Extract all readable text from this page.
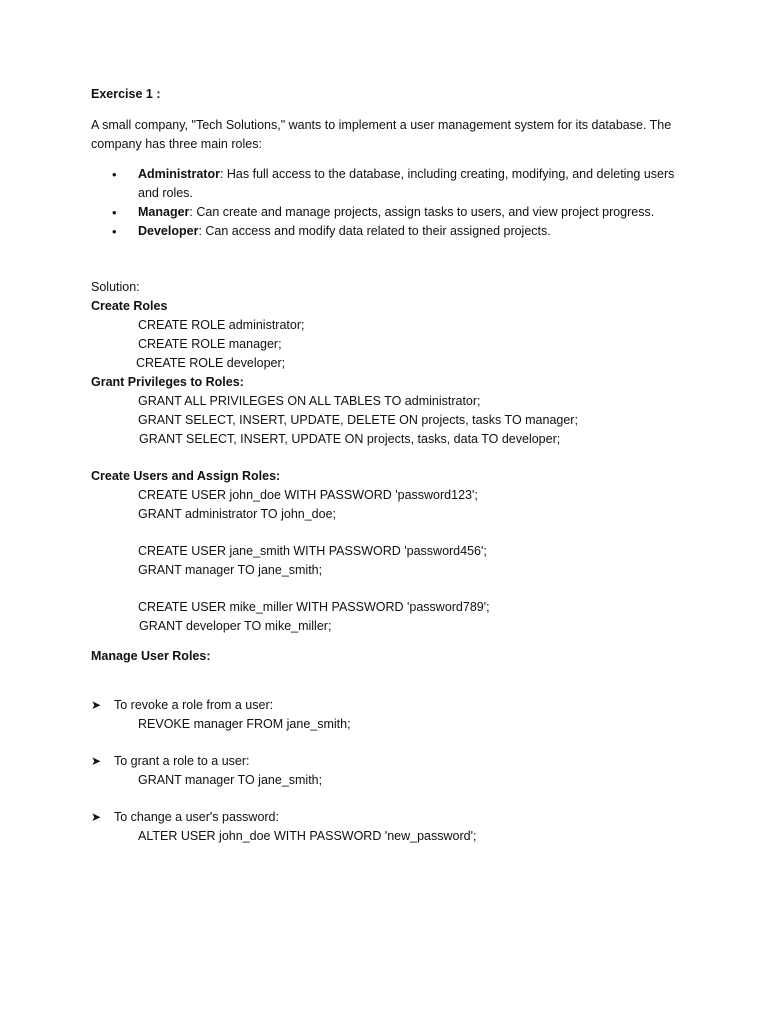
Exercise 1 :
A small company, "Tech Solutions," wants to implement a user management system for its database. The company has three main roles:
• Administrator: Has full access to the database, including creating, modifying, and deleting users and roles.
• Manager: Can create and manage projects, assign tasks to users, and view project progress.
• Developer: Can access and modify data related to their assigned projects.
Solution:
Create Roles
CREATE ROLE administrator;
CREATE ROLE manager;
CREATE ROLE developer;
Grant Privileges to Roles:
GRANT ALL PRIVILEGES ON ALL TABLES TO administrator;
GRANT SELECT, INSERT, UPDATE, DELETE ON projects, tasks TO manager;
GRANT SELECT, INSERT, UPDATE ON projects, tasks, data TO developer;
Create Users and Assign Roles:
CREATE USER john_doe WITH PASSWORD 'password123';
GRANT administrator TO john_doe;
CREATE USER jane_smith WITH PASSWORD 'password456';
GRANT manager TO jane_smith;
CREATE USER mike_miller WITH PASSWORD 'password789';
GRANT developer TO mike_miller;
Manage User Roles:
➤ To revoke a role from a user:
REVOKE manager FROM jane_smith;
➤ To grant a role to a user:
GRANT manager TO jane_smith;
➤ To change a user's password:
ALTER USER john_doe WITH PASSWORD 'new_password';
